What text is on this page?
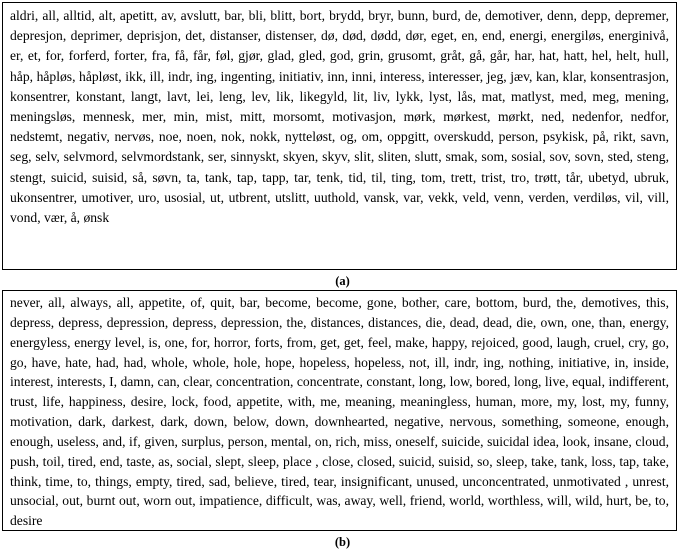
aldri, all, alltid, alt, apetitt, av, avslutt, bar, bli, blitt, bort, brydd, bryr, bunn, burd, de, demotiver, denn, depp, depremer, depresjon, deprimer, deprisjon, det, distanser, distenser, dø, død, dødd, dør, eget, en, end, energi, energiløs, energinivå, er, et, for, forferd, forter, fra, få, får, føl, gjør, glad, gled, god, grin, grusomt, gråt, gå, går, har, hat, hatt, hel, helt, hull, håp, håpløs, håpløst, ikk, ill, indr, ing, ingenting, initiativ, inn, inni, interess, interesser, jeg, jæv, kan, klar, konsentrasjon, konsentrer, konstant, langt, lavt, lei, leng, lev, lik, likegyld, lit, liv, lykk, lyst, lås, mat, matlyst, med, meg, mening, meningsløs, mennesk, mer, min, mist, mitt, morsomt, motivasjon, mørk, mørkest, mørkt, ned, nedenfor, nedfor, nedstemt, negativ, nervøs, noe, noen, nok, nokk, nytteløst, og, om, oppgitt, overskudd, person, psykisk, på, rikt, savn, seg, selv, selvmord, selvmordstank, ser, sinnyskt, skyen, skyv, slit, sliten, slutt, smak, som, sosial, sov, sovn, sted, steng, stengt, suicid, suisid, så, søvn, ta, tank, tap, tapp, tar, tenk, tid, til, ting, tom, trett, trist, tro, trøtt, tår, ubetyd, ubruk, ukonsentrer, umotiver, uro, usosial, ut, utbrent, utslitt, uuthold, vansk, var, vekk, veld, venn, verden, verdiløs, vil, vill, vond, vær, å, ønsk

(a)

never, all, always, all, appetite, of, quit, bar, become, become, gone, bother, care, bottom, burd, the, demotives, this, depress, depress, depression, depress, depression, the, distances, distances, die, dead, dead, die, own, one, than, energy, energyless, energy level, is, one, for, horror, forts, from, get, get, feel, make, happy, rejoiced, good, laugh, cruel, cry, go, go, have, hate, had, had, whole, whole, hole, hope, hopeless, hopeless, not, ill, indr, ing, nothing, initiative, in, inside, interest, interests, I, damn, can, clear, concentration, concentrate, constant, long, low, bored, long, live, equal, indifferent, trust, life, happiness, desire, lock, food, appetite, with, me, meaning, meaningless, human, more, my, lost, my, funny, motivation, dark, darkest, dark, down, below, down, downhearted, negative, nervous, something, someone, enough, enough, useless, and, if, given, surplus, person, mental, on, rich, miss, oneself, suicide, suicidal idea, look, insane, cloud, push, toil, tired, end, taste, as, social, slept, sleep, place , close, closed, suicid, suisid, so, sleep, take, tank, loss, tap, take, think, time, to, things, empty, tired, sad, believe, tired, tear, insignificant, unused, unconcentrated, unmotivated , unrest, unsocial, out, burnt out, worn out, impatience, difficult, was, away, well, friend, world, worthless, will, wild, hurt, be, to, desire

(b)
